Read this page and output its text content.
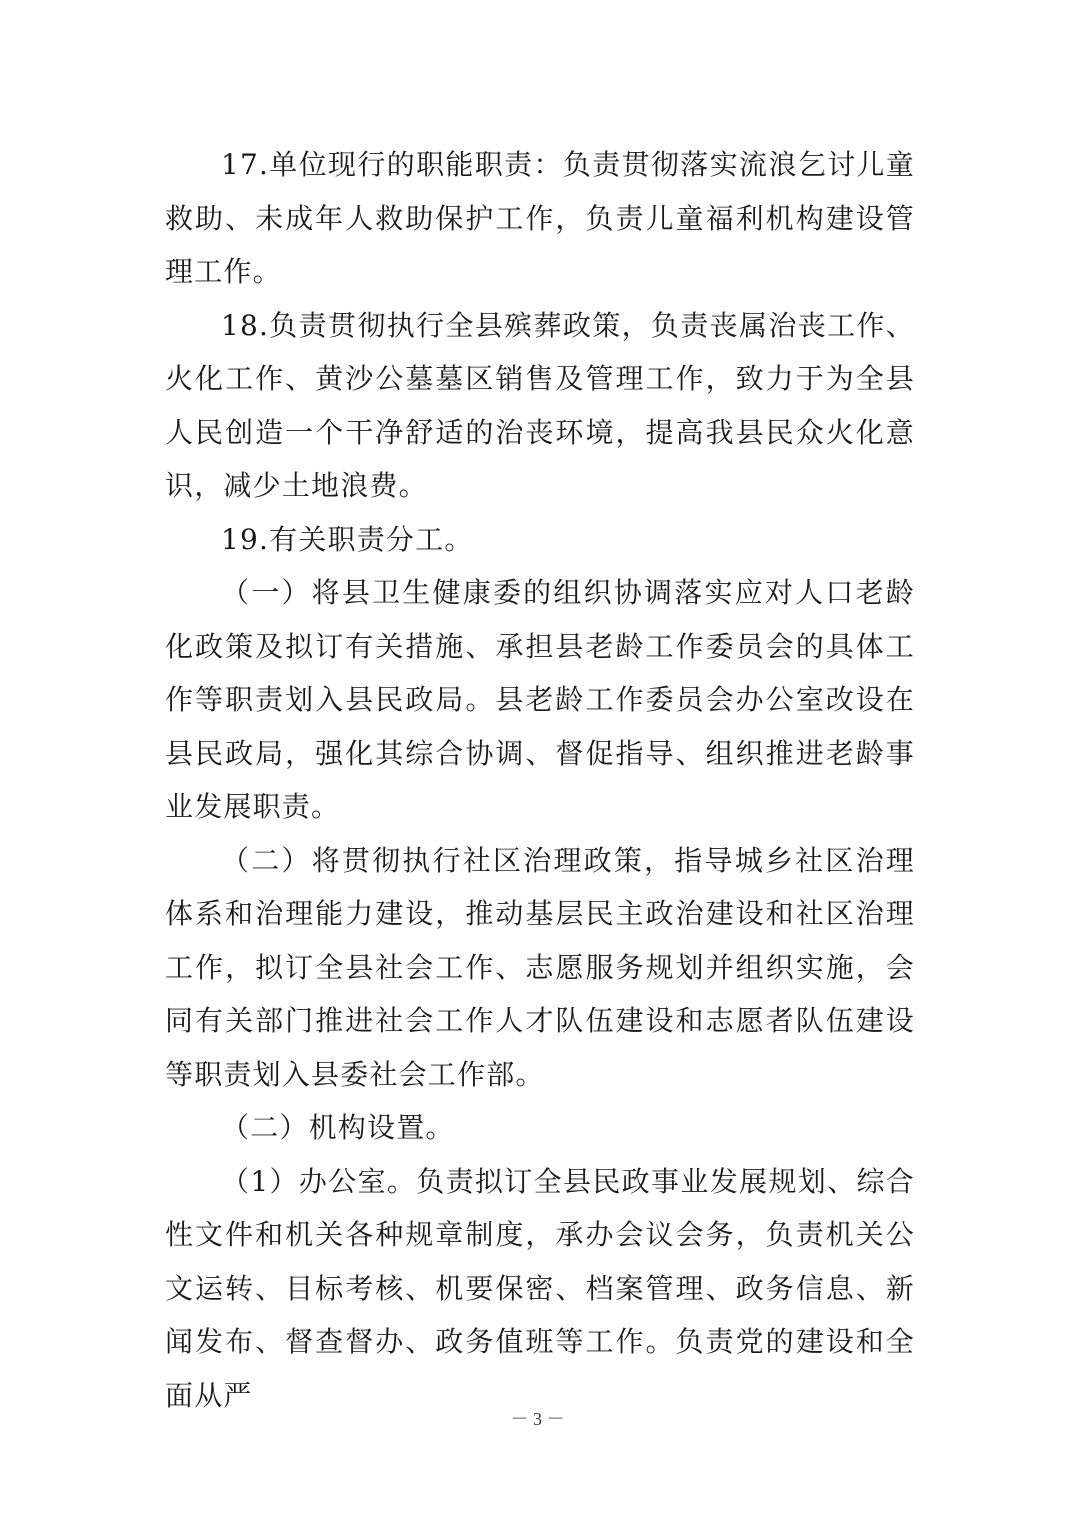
17.单位现行的职能职责：负责贯彻落实流浪乞讨儿童救助、未成年人救助保护工作，负责儿童福利机构建设管理工作。

18.负责贯彻执行全县殡葬政策，负责丧属治丧工作、火化工作、黄沙公墓墓区销售及管理工作，致力于为全县人民创造一个干净舒适的治丧环境，提高我县民众火化意识，减少土地浪费。

19.有关职责分工。

（一）将县卫生健康委的组织协调落实应对人口老龄化政策及拟订有关措施、承担县老龄工作委员会的具体工作等职责划入县民政局。县老龄工作委员会办公室改设在县民政局，强化其综合协调、督促指导、组织推进老龄事业发展职责。

（二）将贯彻执行社区治理政策，指导城乡社区治理体系和治理能力建设，推动基层民主政治建设和社区治理工作，拟订全县社会工作、志愿服务规划并组织实施，会同有关部门推进社会工作人才队伍建设和志愿者队伍建设等职责划入县委社会工作部。

（二）机构设置。

（1）办公室。负责拟订全县民政事业发展规划、综合性文件和机关各种规章制度，承办会议会务，负责机关公文运转、目标考核、机要保密、档案管理、政务信息、新闻发布、督查督办、政务值班等工作。负责党的建设和全面从严

－ 3 －
